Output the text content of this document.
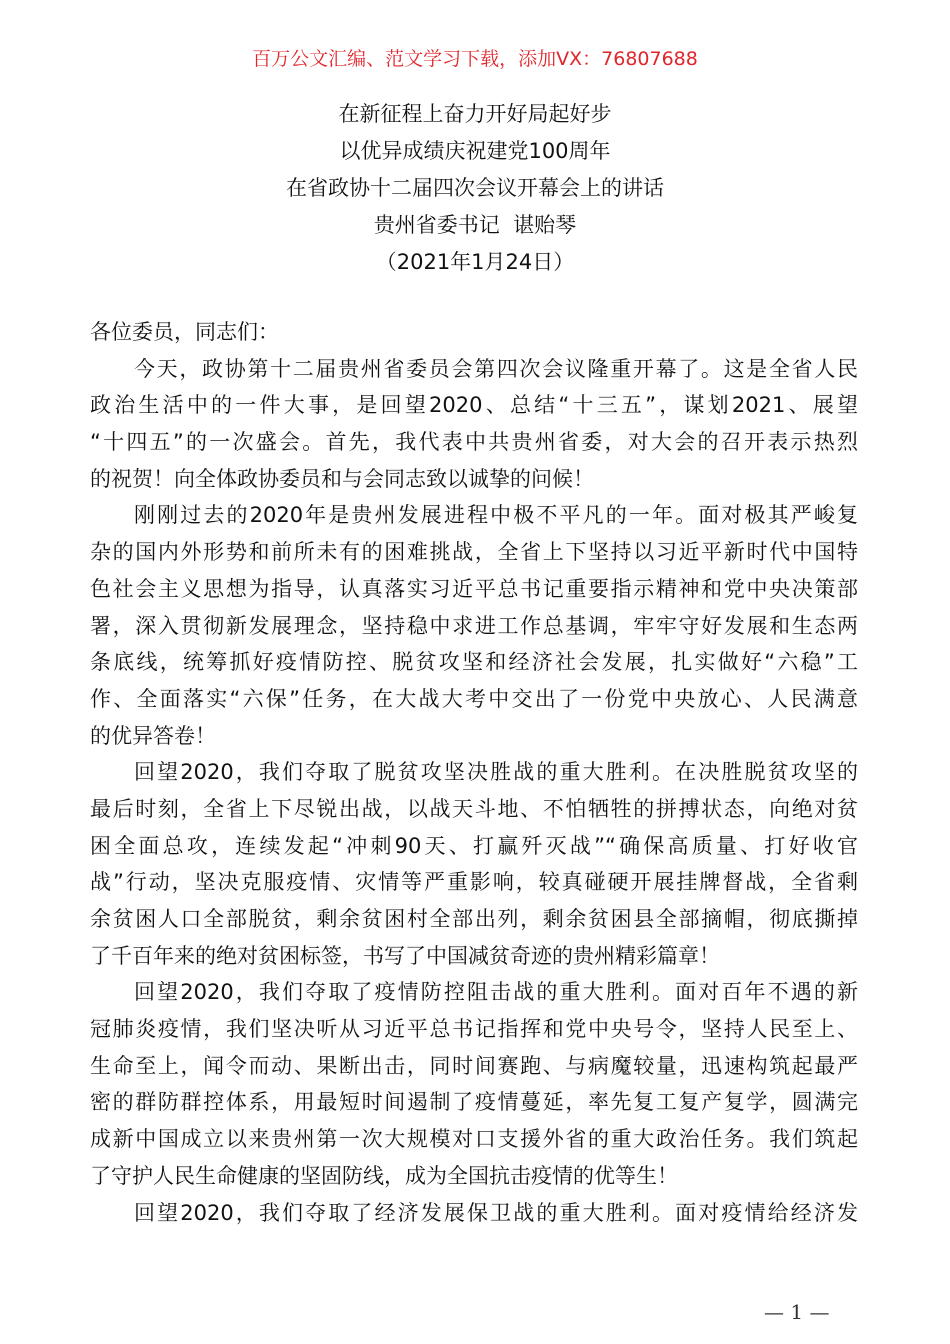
百万公文汇编、范文学习下载，添加VX：76807688
在新征程上奋力开好局起好步
以优异成绩庆祝建党100周年
在省政协十二届四次会议开幕会上的讲话
贵州省委书记  谌贻琴
（2021年1月24日）
各位委员，同志们：
今天，政协第十二届贵州省委员会第四次会议隆重开幕了。这是全省人民
政治生活中的一件大事，是回望2020、总结“十三五”，谋划2021、展望
“十四五”的一次盛会。首先，我代表中共贵州省委，对大会的召开表示热烈
的祝贺！向全体政协委员和与会同志致以诚挚的问候！
刚刚过去的2020年是贵州发展进程中极不平凡的一年。面对极其严峻复
杂的国内外形势和前所未有的困难挑战，全省上下坚持以习近平新时代中国特
色社会主义思想为指导，认真落实习近平总书记重要指示精神和党中央决策部
署，深入贯彻新发展理念，坚持稳中求进工作总基调，牢牢守好发展和生态两
条底线，统筹抓好疫情防控、脱贫攻坚和经济社会发展，扎实做好“六稳”工
作、全面落实“六保”任务，在大战大考中交出了一份党中央放心、人民满意
的优异答卷！
回望2020，我们夺取了脱贫攻坚决胜战的重大胜利。在决胜脱贫攻坚的
最后时刻，全省上下尽锐出战，以战天斗地、不怕牺牲的拼搏状态，向绝对贫
困全面总攻，连续发起“冲刺90天、打赢歼灭战”“确保高质量、打好收官
战”行动，坚决克服疫情、灾情等严重影响，较真碰硬开展挂牌督战，全省剩
余贫困人口全部脱贫，剩余贫困村全部出列，剩余贫困县全部摘帽，彻底撕掉
了千百年来的绝对贫困标签，书写了中国减贫奇迹的贵州精彩篇章！
回望2020，我们夺取了疫情防控阻击战的重大胜利。面对百年不遇的新
冠肺炎疫情，我们坚决听从习近平总书记指挥和党中央号令，坚持人民至上、
生命至上，闻令而动、果断出击，同时间赛跑、与病魔较量，迅速构筑起最严
密的群防群控体系，用最短时间遏制了疫情蔓延，率先复工复产复学，圆满完
成新中国成立以来贵州第一次大规模对口支援外省的重大政治任务。我们筑起
了守护人民生命健康的坚固防线，成为全国抗击疫情的优等生！
回望2020，我们夺取了经济发展保卫战的重大胜利。面对疫情给经济发
— 1 —
